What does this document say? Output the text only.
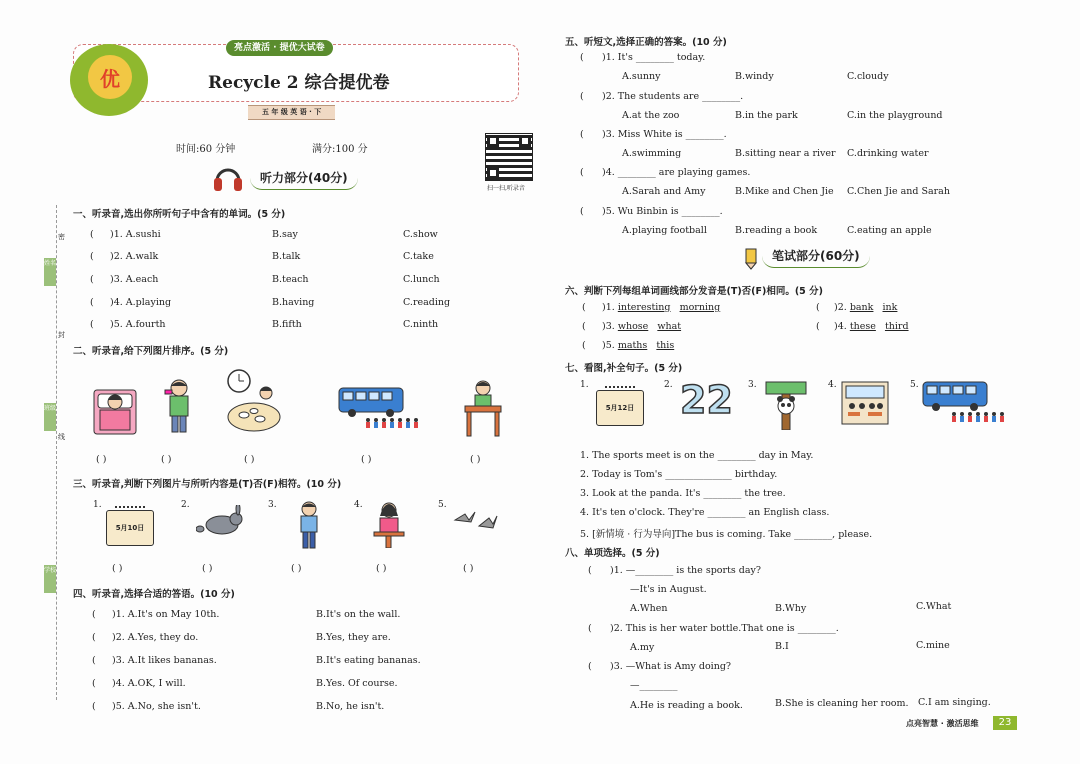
优
亮点激活 · 提优大试卷
Recycle 2 综合提优卷
五 年 级 英 语 · 下
时间:60 分钟	满分:100 分
扫一扫,听录音
听力部分(40分)
姓名
班级
学校
密
封
线
一、听录音,选出你所听句子中含有的单词。(5 分)
( )1. A.sushi	B.say	C.show
( )2. A.walk	B.talk	C.take
( )3. A.each	B.teach	C.lunch
( )4. A.playing	B.having	C.reading
( )5. A.fourth	B.fifth	C.ninth
二、听录音,给下列图片排序。(5 分)
( )	( )	( )	( )	( )
三、听录音,判断下列图片与所听内容是(T)否(F)相符。(10 分)
1.	2.	3.	4.	5.
5月10日
( )	( )	( )	( )	( )
四、听录音,选择合适的答语。(10 分)
( )1. A.It's on May 10th.	B.It's on the wall.
( )2. A.Yes, they do.	B.Yes, they are.
( )3. A.It likes bananas.	B.It's eating bananas.
( )4. A.OK, I will.	B.Yes. Of course.
( )5. A.No, she isn't.	B.No, he isn't.
五、听短文,选择正确的答案。(10 分)
( )1. It's ________ today.
A.sunny	B.windy	C.cloudy
( )2. The students are ________.
A.at the zoo	B.in the park	C.in the playground
( )3. Miss White is ________.
A.swimming	B.sitting near a river C.drinking water
( )4. ________ are playing games.
A.Sarah and Amy	B.Mike and Chen Jie C.Chen Jie and Sarah
( )5. Wu Binbin is ________.
A.playing football	B.reading a book	C.eating an apple
笔试部分(60分)
六、判断下列每组单词画线部分发音是(T)否(F)相同。(5 分)
( )1. interesting morning	( )2. bank ink
( )3. whose what	( )4. these third
( )5. maths this
七、看图,补全句子。(5 分)
1.	2.	3.	4.	5.
5月12日 22
1. The sports meet is on the ________ day in May.
2. Today is Tom's ______________ birthday.
3. Look at the panda. It's ________ the tree.
4. It's ten o'clock. They're ________ an English class.
5. [新情境 · 行为导向]The bus is coming. Take ________, please.
八、单项选择。(5 分)
( )1. —________ is the sports day?
—It's in August.
A.When	B.Why	C.What
( )2. This is her water bottle.That one is ________.
A.my	B.I	C.mine
( )3. —What is Amy doing?
—________
A.He is reading a book.	B.She is cleaning her room. C.I am singing.
点亮智慧 · 激活思维	23
